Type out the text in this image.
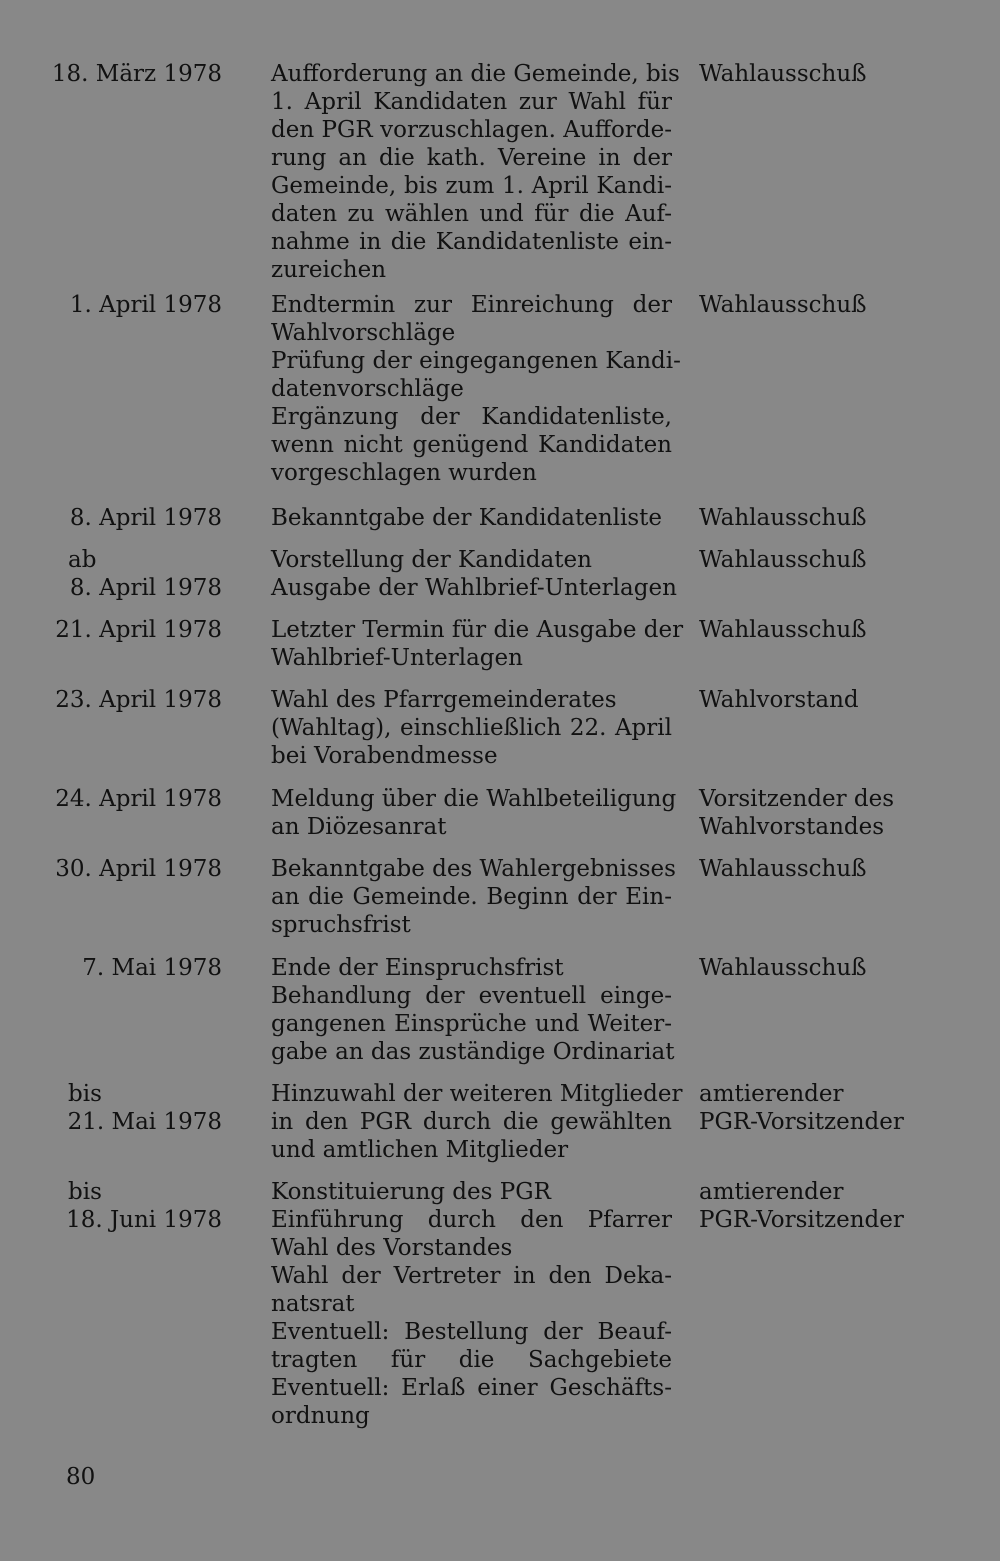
18. März 1978 Aufforderung an die Gemeinde, bis
1. April Kandidaten zur Wahl für
den PGR vorzuschlagen. Aufforde-
rung an die kath. Vereine in der
Gemeinde, bis zum 1. April Kandi-
daten zu wählen und für die Auf-
nahme in die Kandidatenliste ein-
zureichen
Wahlausschuß
1. April 1978 Endtermin zur Einreichung der
Wahlvorschläge
Prüfung der eingegangenen Kandi-
datenvorschläge
Ergänzung der Kandidatenliste,
wenn nicht genügend Kandidaten
vorgeschlagen wurden
Wahlausschuß
8. April 1978 Bekanntgabe der Kandidatenliste	Wahlausschuß
ab
8. April 1978
Vorstellung der Kandidaten
Ausgabe der Wahlbrief-Unterlagen
Wahlausschuß
21. April 1978 Letzter Termin für die Ausgabe der
Wahlbrief-Unterlagen
Wahlausschuß
23. April 1978 Wahl des Pfarrgemeinderates
(Wahltag), einschließlich 22. April
bei Vorabendmesse
Wahlvorstand
24. April 1978 Meldung über die Wahlbeteiligung
an Diözesanrat
Vorsitzender des
Wahlvorstandes
30. April 1978 Bekanntgabe des Wahlergebnisses
an die Gemeinde. Beginn der Ein-
spruchsfrist
Wahlausschuß
7. Mai 1978 Ende der Einspruchsfrist
Behandlung der eventuell einge-
gangenen Einsprüche und Weiter-
gabe an das zuständige Ordinariat
Wahlausschuß
bis
21. Mai 1978
Hinzuwahl der weiteren Mitglieder
in den PGR durch die gewählten
und amtlichen Mitglieder
amtierender
PGR-Vorsitzender
bis
18. Juni 1978
Konstituierung des PGR
Einführung durch den Pfarrer
Wahl des Vorstandes
Wahl der Vertreter in den Deka-
natsrat
Eventuell: Bestellung der Beauf-
tragten für die Sachgebiete
Eventuell: Erlaß einer Geschäfts-
ordnung
amtierender
PGR-Vorsitzender
80
